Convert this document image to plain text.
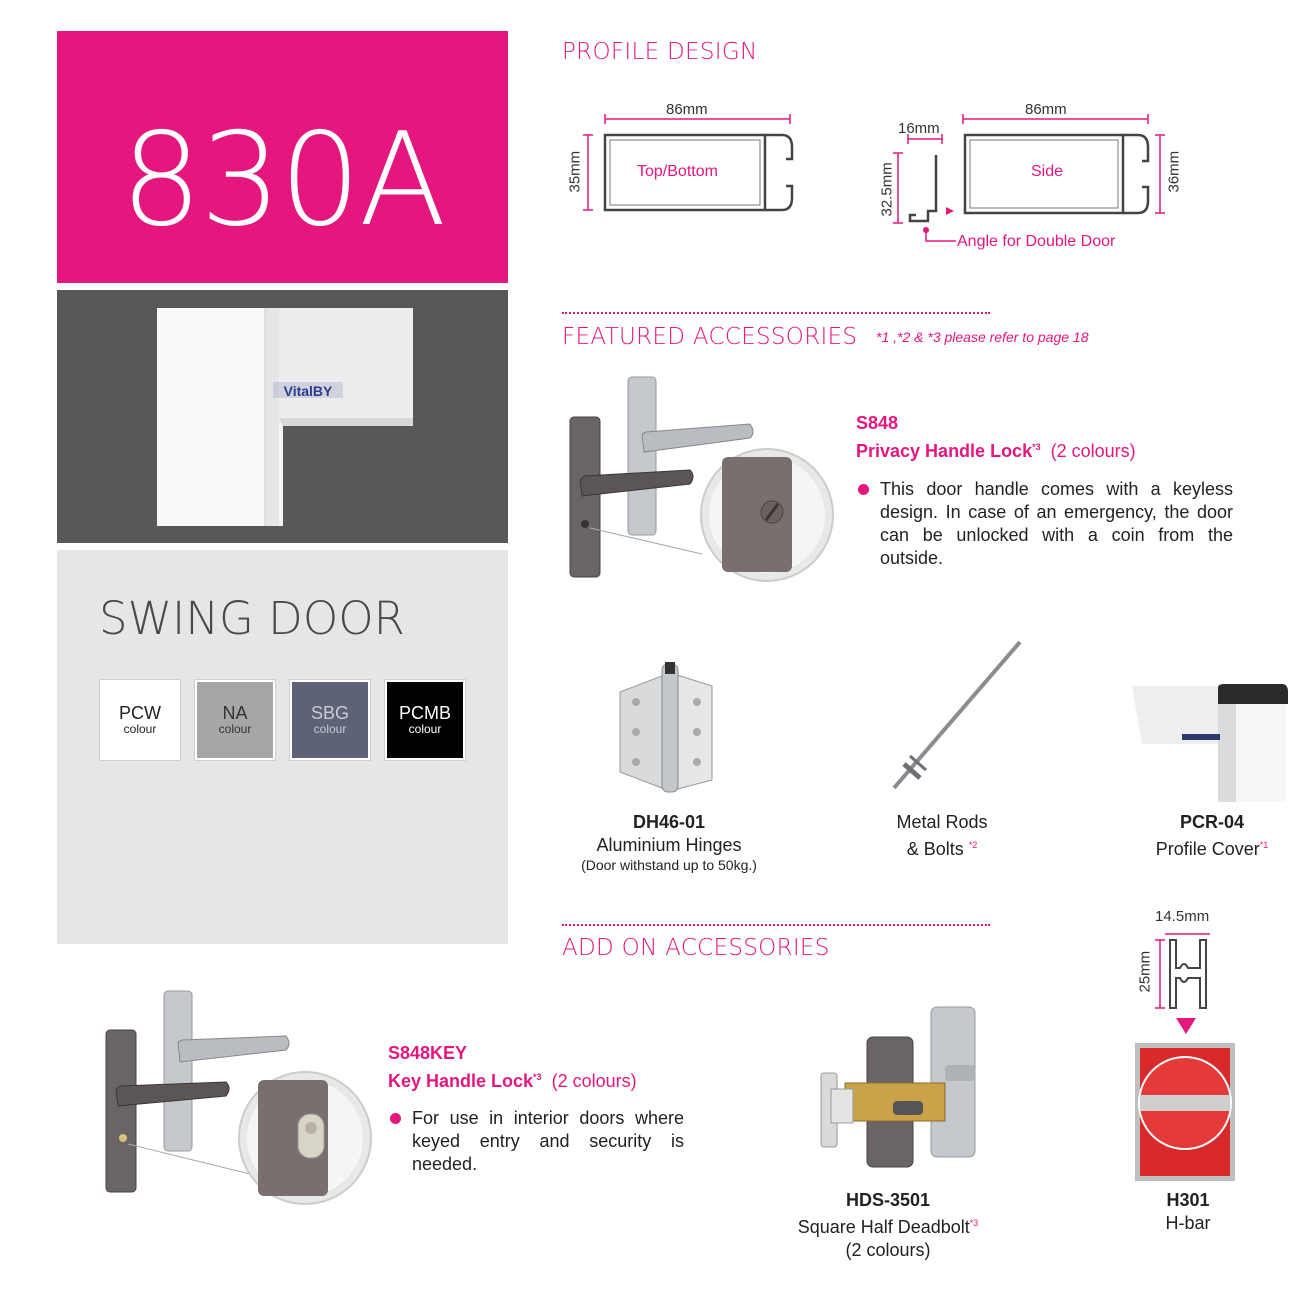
830A
VitalBY
SWING DOOR
PCW
colour
NA
colour
SBG
colour
PCMB
colour
PROFILE DESIGN
86mm
35mm	Top/Bottom
86mm
16mm
32.5mm	36mm
Side
Angle for Double Door
FEATURED ACCESSORIES *1 ,*2 & *3 please refer to page 18
S848
Privacy Handle Lock$^{*3}$ (2 colours)
This door handle comes with a keyless design. In case of an emergency, the door can be unlocked with a coin from the outside.
DH46-01
Aluminium Hinges
(Door withstand up to 50kg.)
Metal Rods
& Bolts $^{*2}$
PCR-04
Profile Cover$^{*1}$
ADD ON ACCESSORIES
14.5mm
25mm
H301
H-bar
S848KEY
Key Handle Lock$^{*3}$ (2 colours)
For use in interior doors where keyed entry and security is needed.
HDS-3501
Square Half Deadbolt$^{*3}$
(2 colours)
